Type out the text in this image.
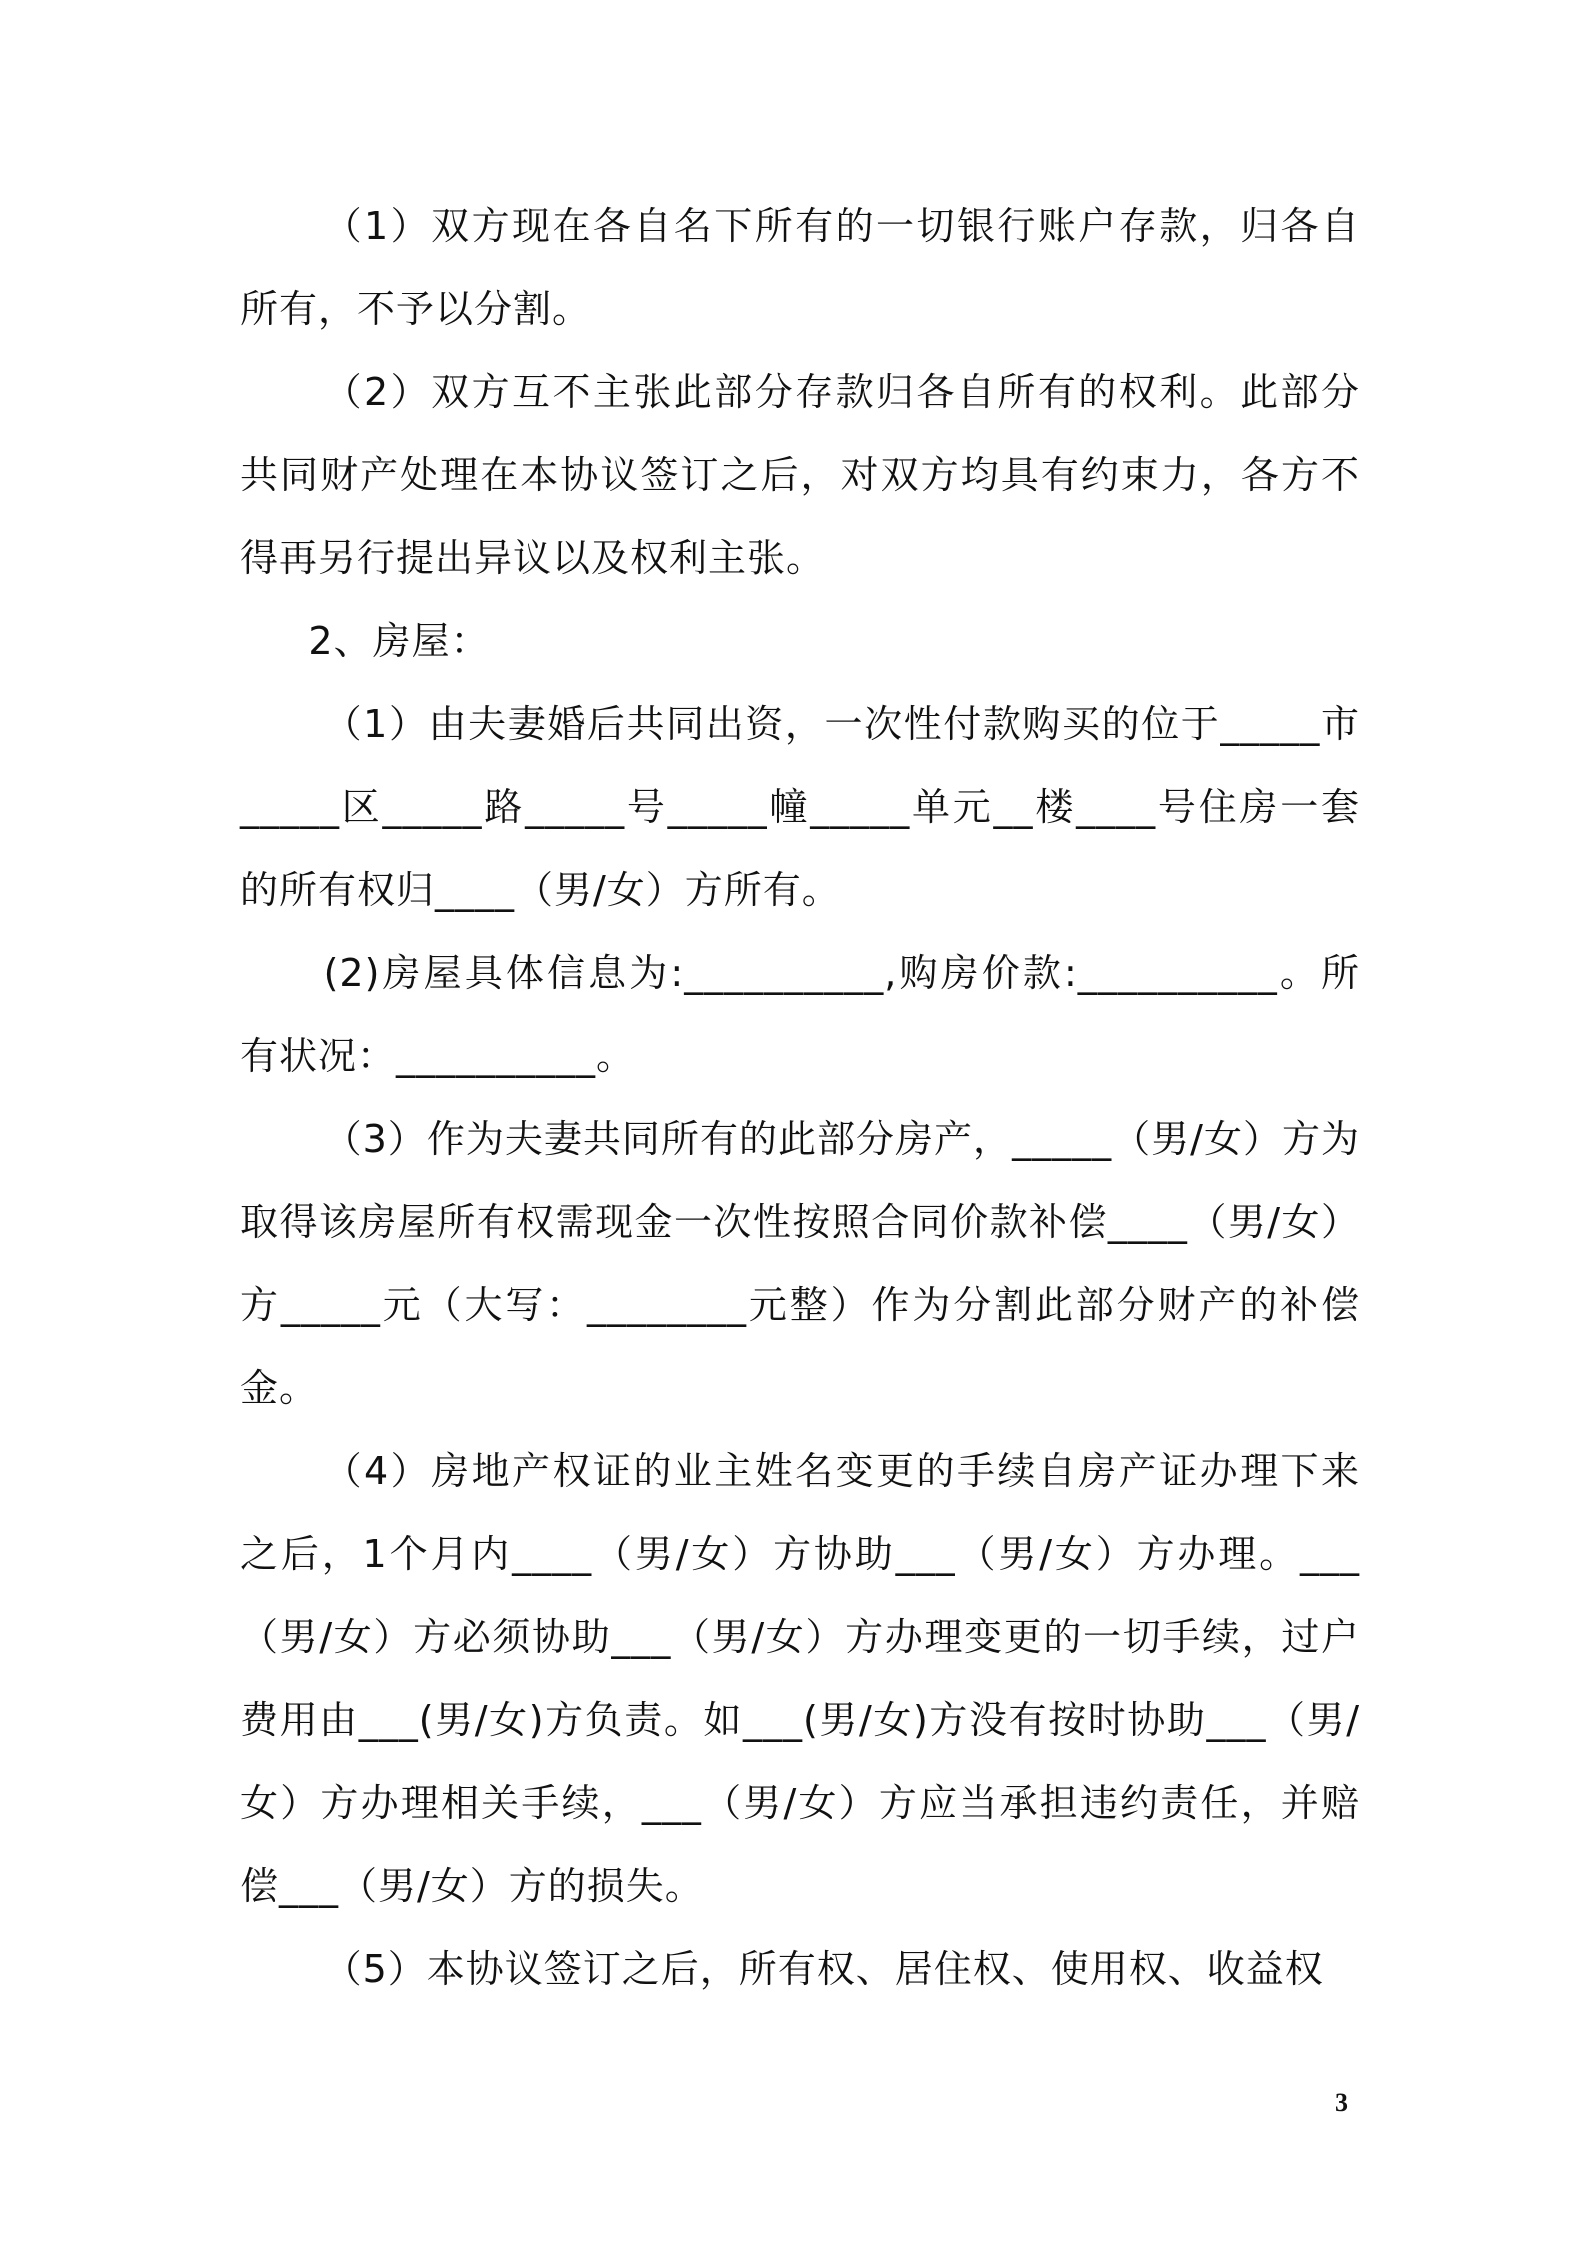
（1）双方现在各自名下所有的一切银行账户存款，归各自所有，不予以分割。

（2）双方互不主张此部分存款归各自所有的权利。此部分共同财产处理在本协议签订之后，对双方均具有约束力，各方不得再另行提出异议以及权利主张。

2、房屋：

（1）由夫妻婚后共同出资，一次性付款购买的位于_____市_____区_____路_____号_____幢_____单元__楼____号住房一套的所有权归____（男/女）方所有。

(2)房屋具体信息为:__________,购房价款:__________。所有状况：__________。

（3）作为夫妻共同所有的此部分房产，_____（男/女）方为取得该房屋所有权需现金一次性按照合同价款补偿____（男/女）方_____元（大写：________元整）作为分割此部分财产的补偿金。

（4）房地产权证的业主姓名变更的手续自房产证办理下来之后，1个月内____（男/女）方协助___（男/女）方办理。___（男/女）方必须协助___（男/女）方办理变更的一切手续，过户费用由___(男/女)方负责。如___(男/女)方没有按时协助___（男/女）方办理相关手续，___（男/女）方应当承担违约责任，并赔偿___（男/女）方的损失。

（5）本协议签订之后，所有权、居住权、使用权、收益权

3
